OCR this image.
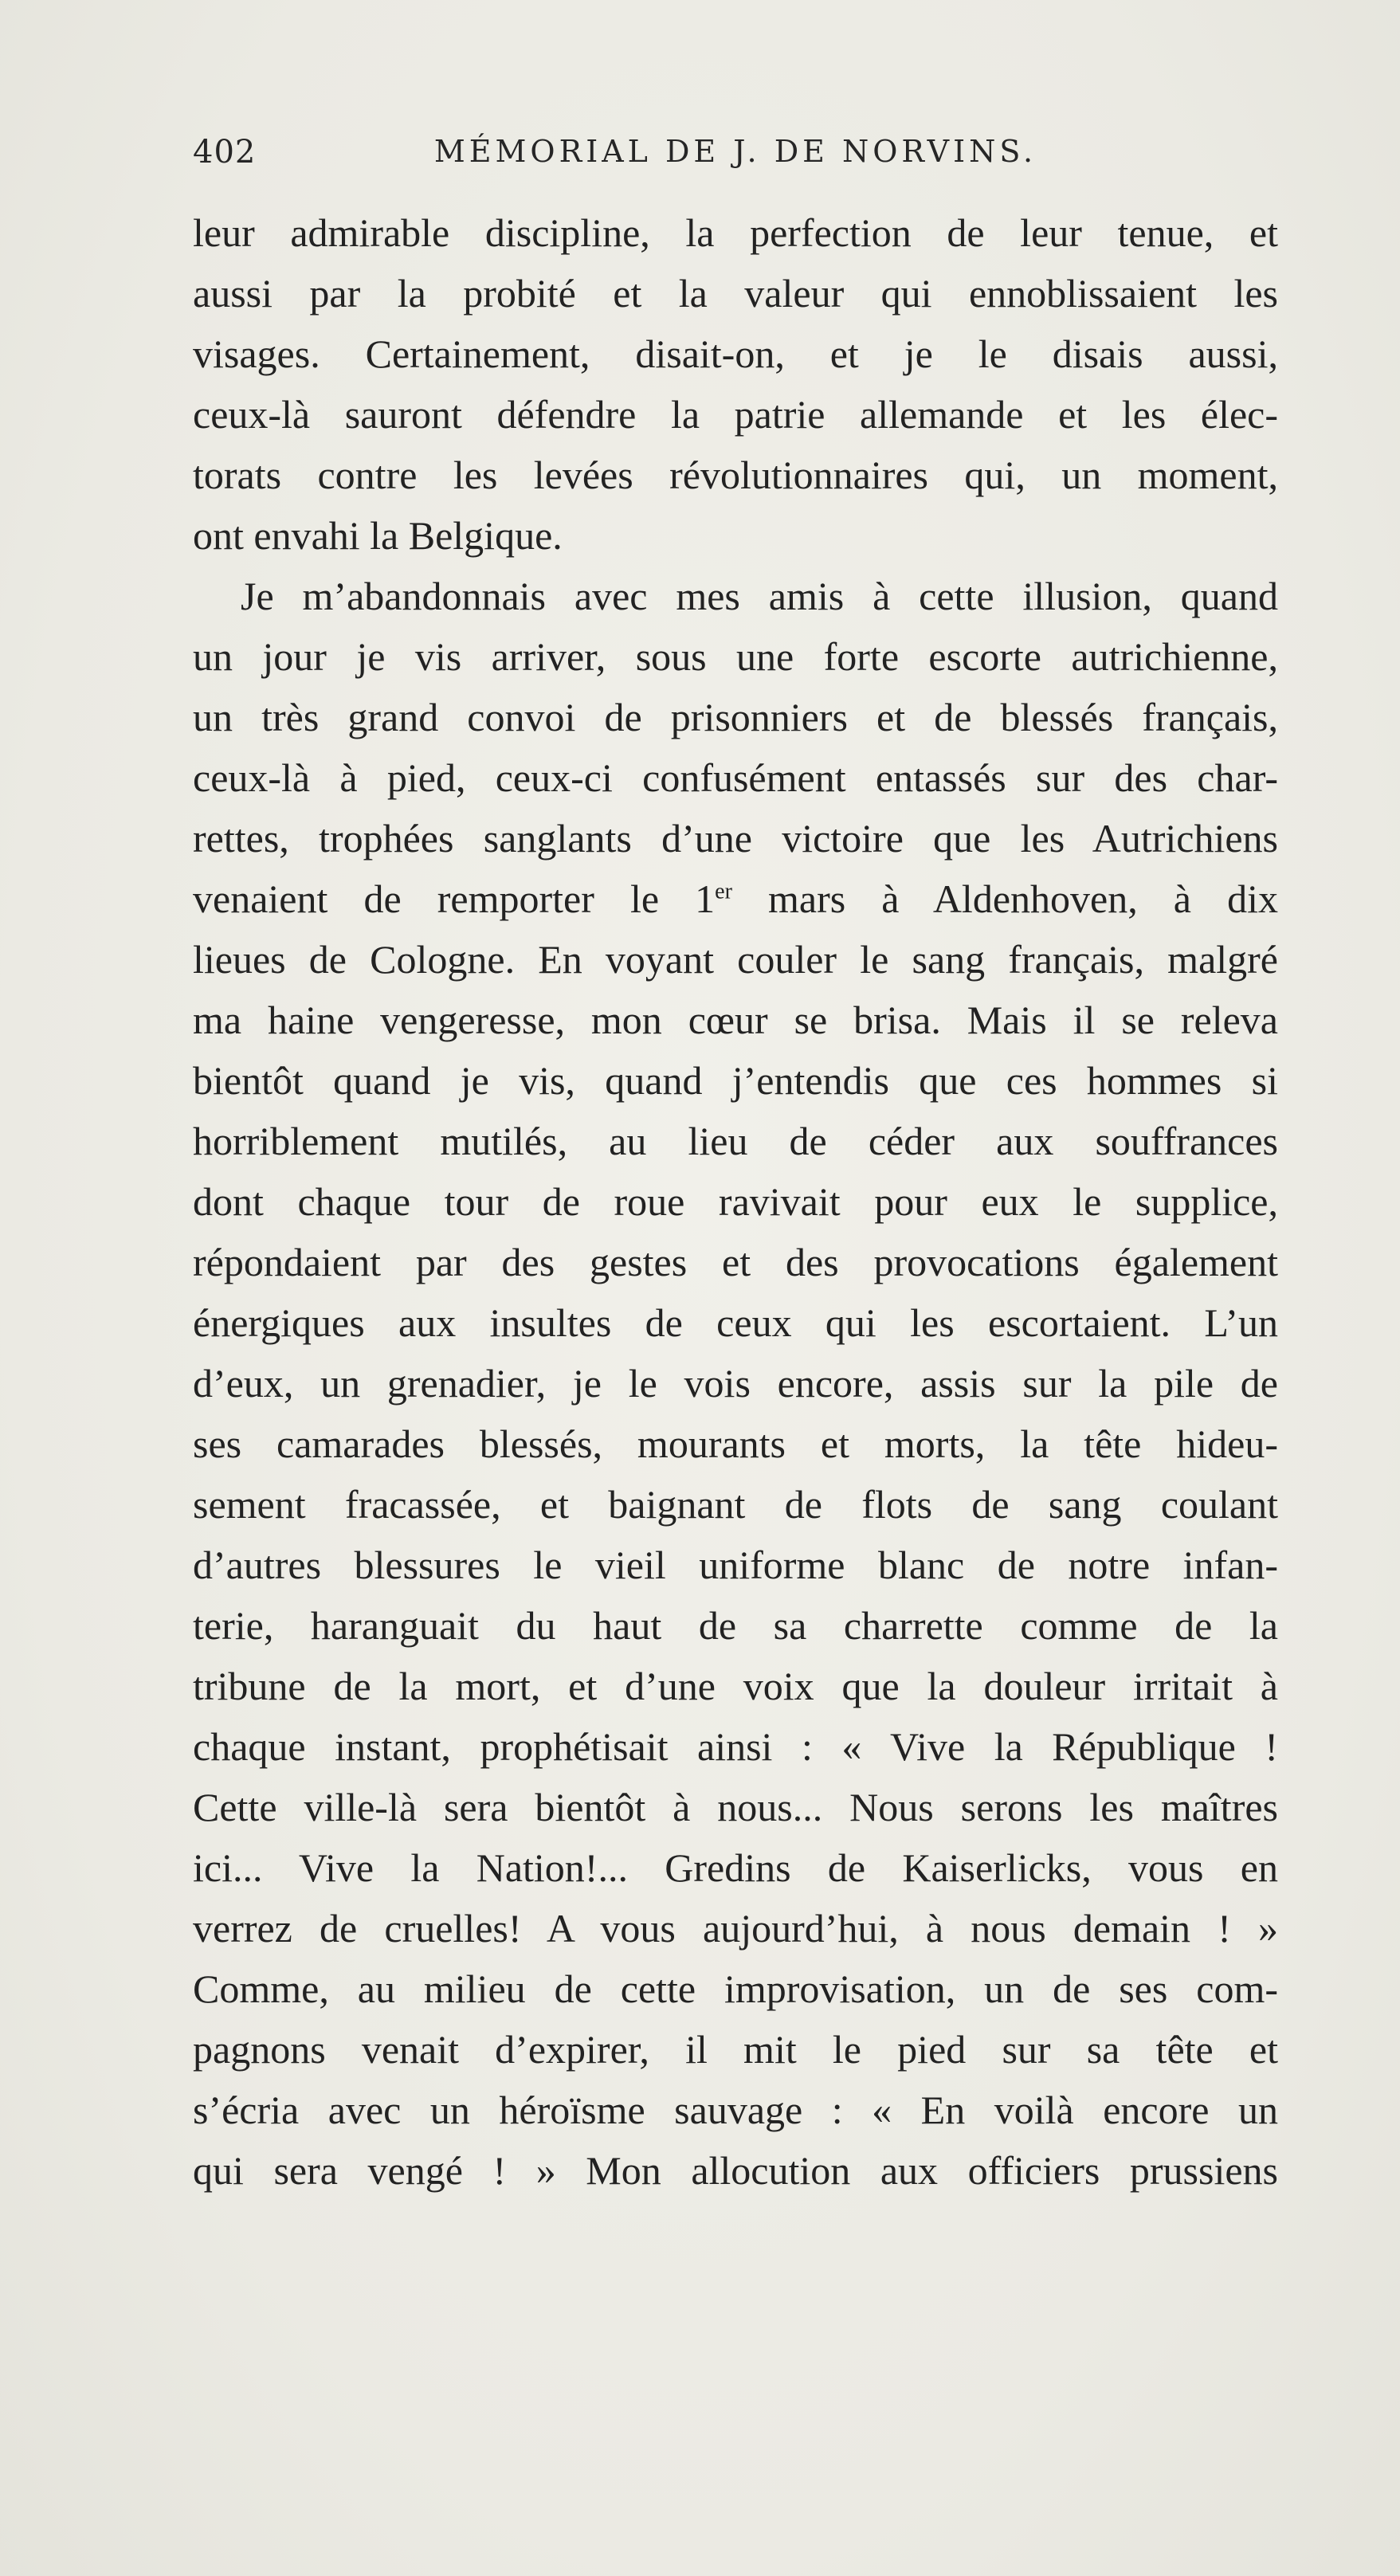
402	MÉMORIAL DE J. DE NORVINS.
leur admirable discipline, la perfection de leur tenue, et
aussi par la probité et la valeur qui ennoblissaient les
visages. Certainement, disait-on, et je le disais aussi,
ceux-là sauront défendre la patrie allemande et les élec-
torats contre les levées révolutionnaires qui, un moment,
ont envahi la Belgique.
Je m’abandonnais avec mes amis à cette illusion, quand
un jour je vis arriver, sous une forte escorte autrichienne,
un très grand convoi de prisonniers et de blessés français,
ceux-là à pied, ceux-ci confusément entassés sur des char-
rettes, trophées sanglants d’une victoire que les Autrichiens
venaient de remporter le 1er mars à Aldenhoven, à dix
lieues de Cologne. En voyant couler le sang français, malgré
ma haine vengeresse, mon cœur se brisa. Mais il se releva
bientôt quand je vis, quand j’entendis que ces hommes si
horriblement mutilés, au lieu de céder aux souffrances
dont chaque tour de roue ravivait pour eux le supplice,
répondaient par des gestes et des provocations également
énergiques aux insultes de ceux qui les escortaient. L’un
d’eux, un grenadier, je le vois encore, assis sur la pile de
ses camarades blessés, mourants et morts, la tête hideu-
sement fracassée, et baignant de flots de sang coulant
d’autres blessures le vieil uniforme blanc de notre infan-
terie, haranguait du haut de sa charrette comme de la
tribune de la mort, et d’une voix que la douleur irritait à
chaque instant, prophétisait ainsi : « Vive la République !
Cette ville-là sera bientôt à nous... Nous serons les maîtres
ici... Vive la Nation!... Gredins de Kaiserlicks, vous en
verrez de cruelles! A vous aujourd’hui, à nous demain ! »
Comme, au milieu de cette improvisation, un de ses com-
pagnons venait d’expirer, il mit le pied sur sa tête et
s’écria avec un héroïsme sauvage : « En voilà encore un
qui sera vengé ! » Mon allocution aux officiers prussiens
